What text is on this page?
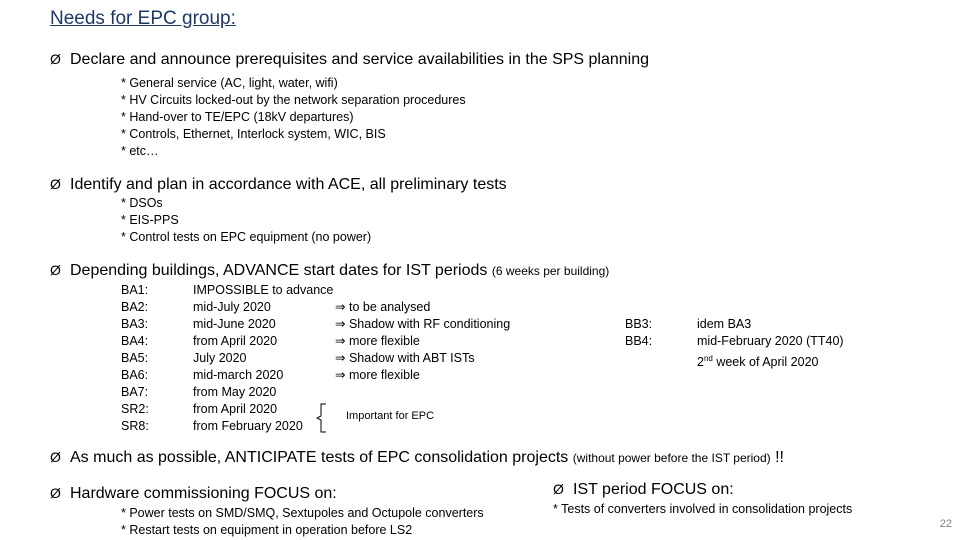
Needs for EPC group:
Ø Declare and announce prerequisites and service availabilities in the SPS planning
* General service (AC, light, water, wifi)
* HV Circuits locked-out by the network separation procedures
* Hand-over to TE/EPC (18kV departures)
* Controls, Ethernet, Interlock system, WIC, BIS
* etc…
Ø Identify and plan in accordance with ACE, all preliminary tests
* DSOs
* EIS-PPS
* Control tests on EPC equipment (no power)
Ø Depending buildings, ADVANCE start dates for IST periods (6 weeks per building)
BA1:
BA2:
BA3:
BA4:
BA5:
BA6:
BA7:
SR2:
SR8:
IMPOSSIBLE to advance
mid-July 2020
mid-June 2020
from April 2020
July 2020
mid-march 2020
from May 2020
from April 2020
from February 2020
⇒ to be analysed
⇒ Shadow with RF conditioning
⇒ more flexible
⇒ Shadow with ABT ISTs
⇒ more flexible
Important for EPC
BB3:
BB4:
idem BA3
mid-February 2020 (TT40)
2nd week of April 2020
Ø As much as possible, ANTICIPATE tests of EPC consolidation projects (without power before the IST period) !!
Ø Hardware commissioning FOCUS on:
* Power tests on SMD/SMQ, Sextupoles and Octupole converters
* Restart tests on equipment in operation before LS2
Ø IST period FOCUS on:
* Tests of converters involved in consolidation projects
22
